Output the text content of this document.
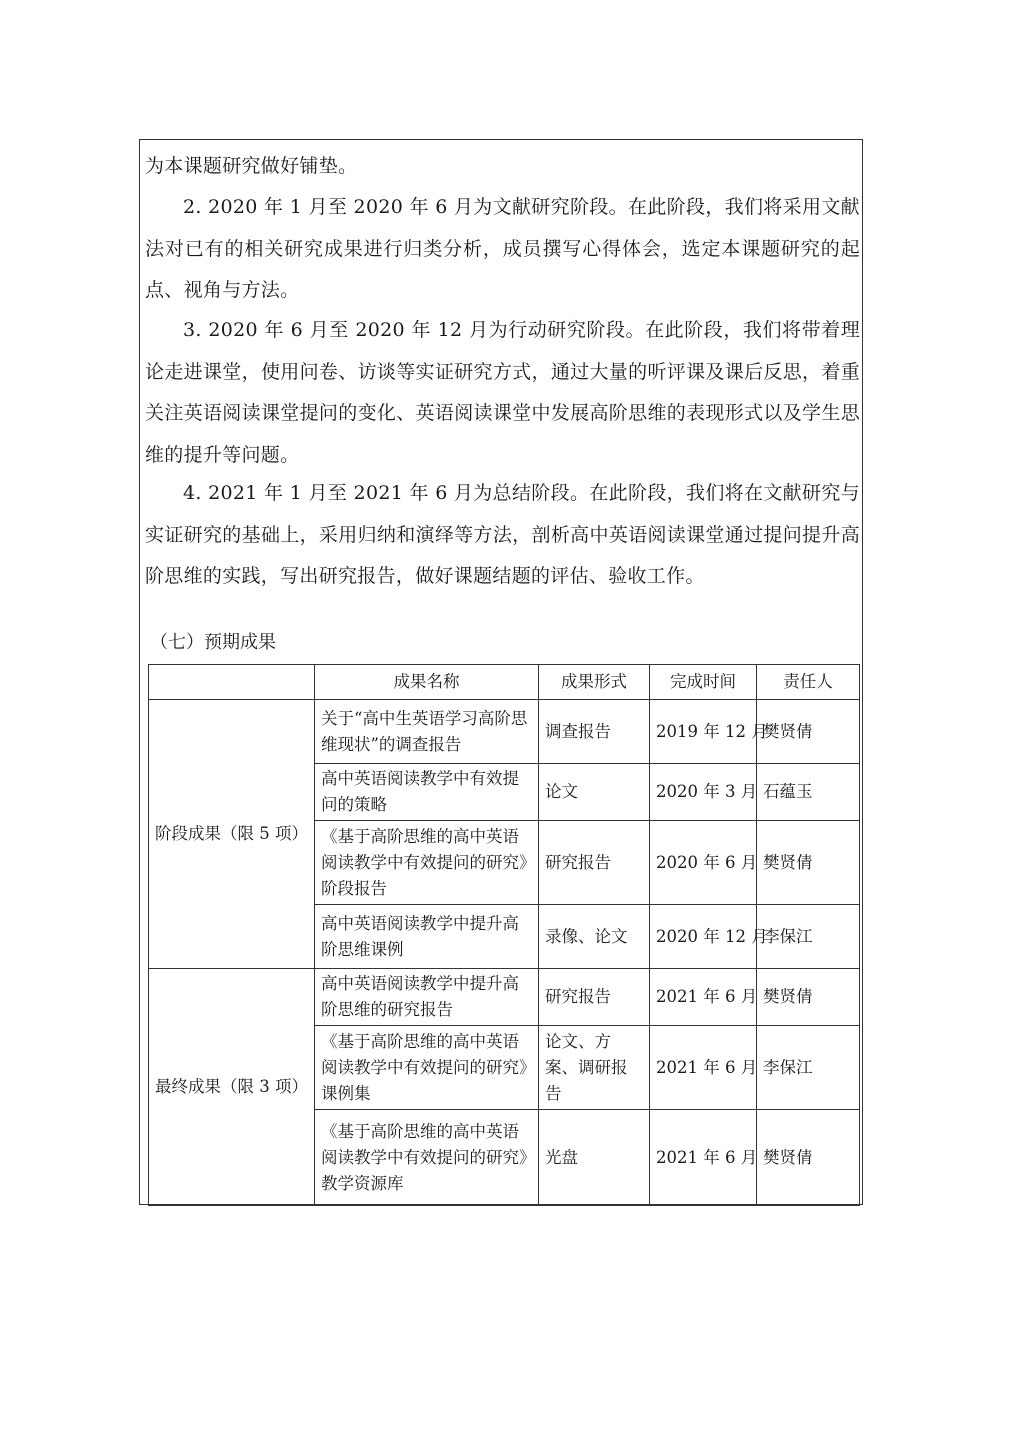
为本课题研究做好铺垫。

2. 2020 年 1 月至 2020 年 6 月为文献研究阶段。在此阶段，我们将采用文献法对已有的相关研究成果进行归类分析，成员撰写心得体会，选定本课题研究的起点、视角与方法。

3. 2020 年 6 月至 2020 年 12 月为行动研究阶段。在此阶段，我们将带着理论走进课堂，使用问卷、访谈等实证研究方式，通过大量的听评课及课后反思，着重关注英语阅读课堂提问的变化、英语阅读课堂中发展高阶思维的表现形式以及学生思维的提升等问题。

4. 2021 年 1 月至 2021 年 6 月为总结阶段。在此阶段，我们将在文献研究与实证研究的基础上，采用归纳和演绎等方法，剖析高中英语阅读课堂通过提问提升高阶思维的实践，写出研究报告，做好课题结题的评估、验收工作。

（七）预期成果

	成果名称	成果形式	完成时间	责任人
阶段成果（限 5 项）	关于“高中生英语学习高阶思维现状”的调查报告	调查报告	2019 年 12 月	樊贤倩
	高中英语阅读教学中有效提问的策略	论文	2020 年 3 月	石蕴玉
	《基于高阶思维的高中英语阅读教学中有效提问的研究》阶段报告	研究报告	2020 年 6 月	樊贤倩
	高中英语阅读教学中提升高阶思维课例	录像、论文	2020 年 12 月	李保江
最终成果（限 3 项）	高中英语阅读教学中提升高阶思维的研究报告	研究报告	2021 年 6 月	樊贤倩
	《基于高阶思维的高中英语阅读教学中有效提问的研究》课例集	论文、方案、调研报告	2021 年 6 月	李保江
	《基于高阶思维的高中英语阅读教学中有效提问的研究》教学资源库	光盘	2021 年 6 月	樊贤倩
